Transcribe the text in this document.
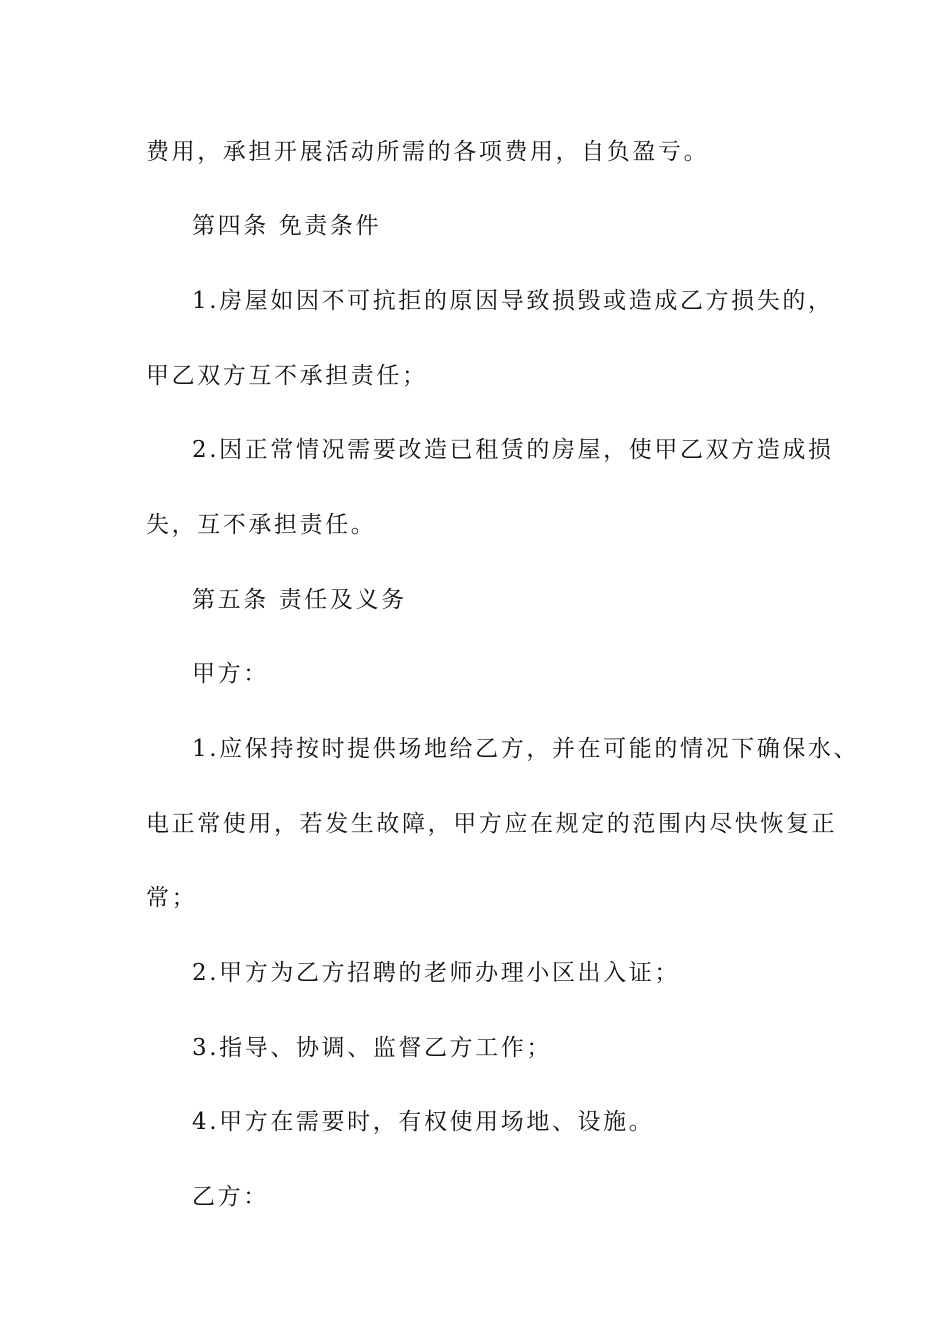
费用，承担开展活动所需的各项费用，自负盈亏。

第四条 免责条件

1.房屋如因不可抗拒的原因导致损毁或造成乙方损失的，

甲乙双方互不承担责任；

2.因正常情况需要改造已租赁的房屋，使甲乙双方造成损

失，互不承担责任。

第五条 责任及义务

甲方：

1.应保持按时提供场地给乙方，并在可能的情况下确保水、

电正常使用，若发生故障，甲方应在规定的范围内尽快恢复正

常；

2.甲方为乙方招聘的老师办理小区出入证；

3.指导、协调、监督乙方工作；

4.甲方在需要时，有权使用场地、设施。

乙方：
